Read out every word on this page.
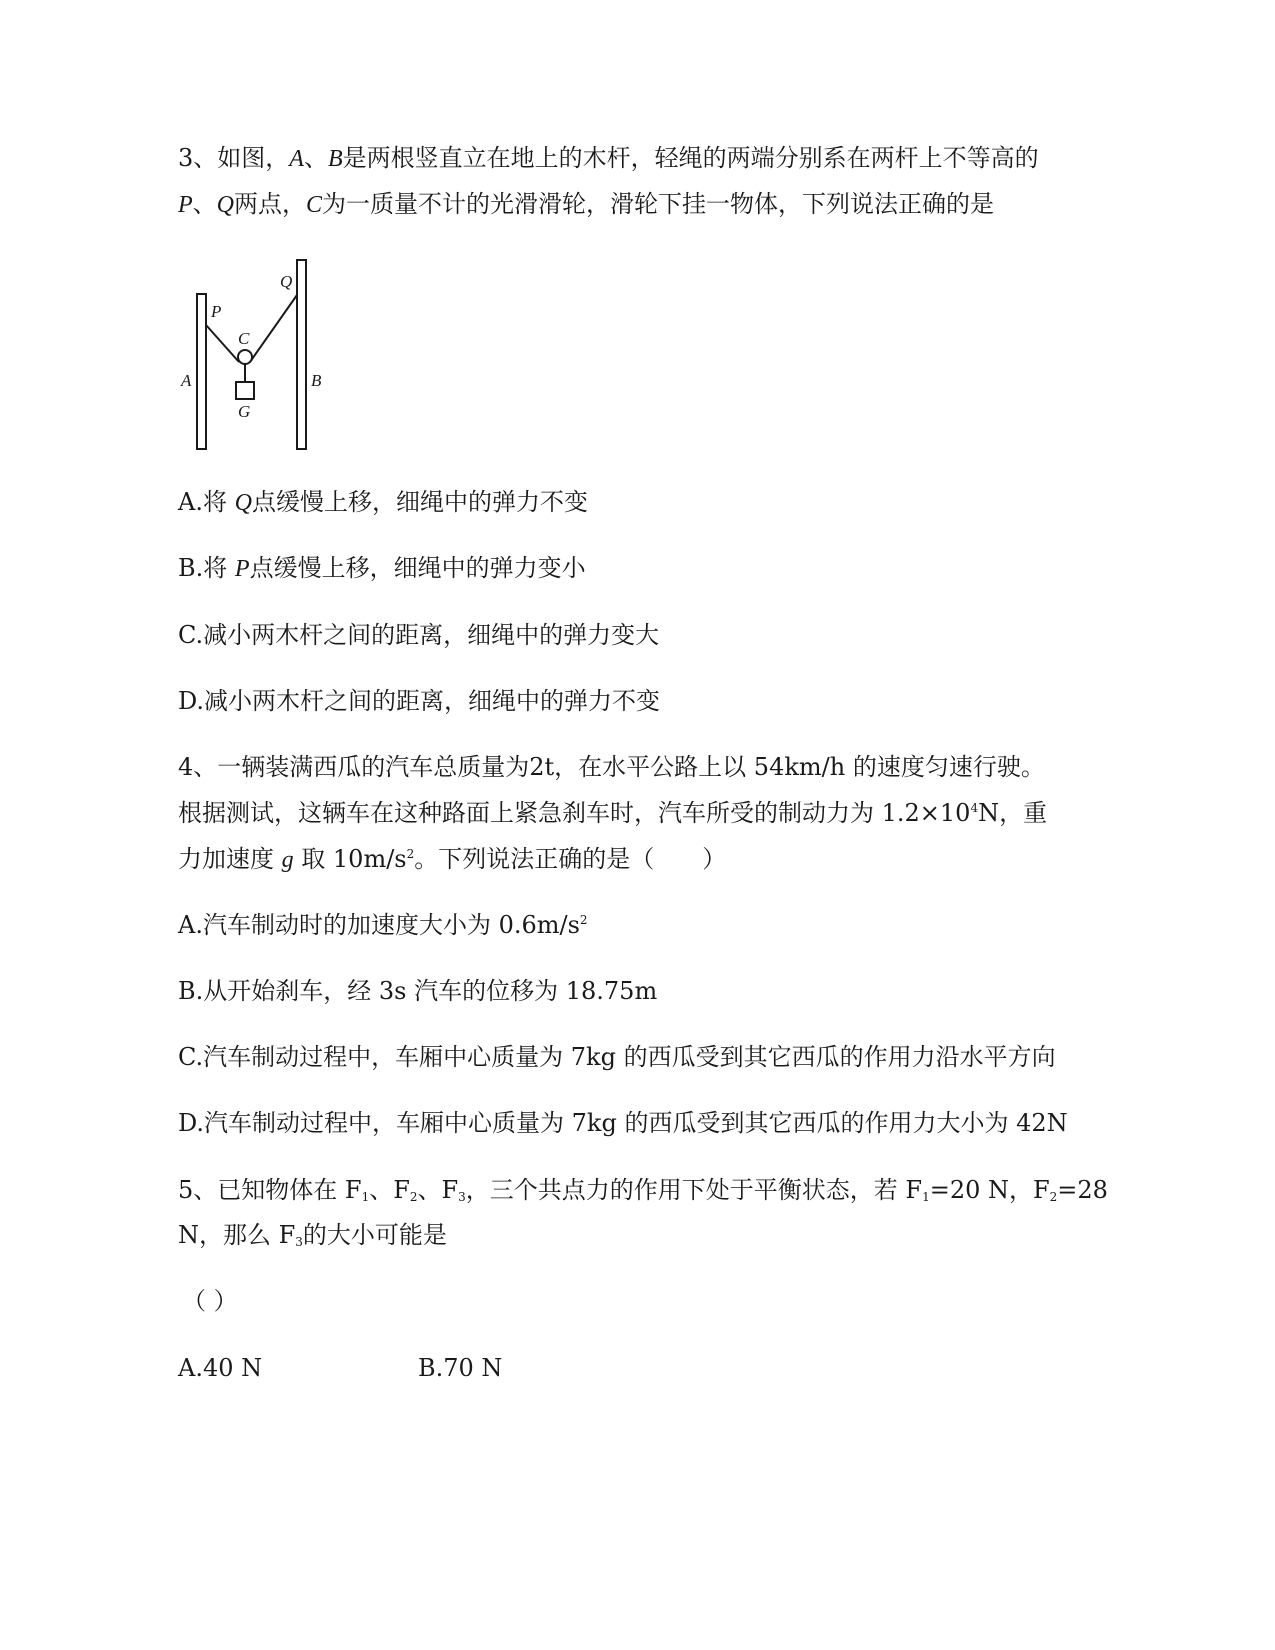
3、如图，A、B是两根竖直立在地上的木杆，轻绳的两端分别系在两杆上不等高的
P、Q两点，C为一质量不计的光滑滑轮，滑轮下挂一物体，下列说法正确的是
P
Q
C
A	B
G
A.将 Q点缓慢上移，细绳中的弹力不变
B.将 P点缓慢上移，细绳中的弹力变小
C.减小两木杆之间的距离，细绳中的弹力变大
D.减小两木杆之间的距离，细绳中的弹力不变
4、一辆装满西瓜的汽车总质量为2t，在水平公路上以 54km/h 的速度匀速行驶。
根据测试，这辆车在这种路面上紧急刹车时，汽车所受的制动力为 $1.2\times 10^4N$，重
力加速度 g 取 $10m/s^2$。下列说法正确的是（　　）
A.汽车制动时的加速度大小为 $0.6m/s^2$
B.从开始刹车，经 3s 汽车的位移为 18.75m
C.汽车制动过程中，车厢中心质量为 7kg 的西瓜受到其它西瓜的作用力沿水平方向
D.汽车制动过程中，车厢中心质量为 7kg 的西瓜受到其它西瓜的作用力大小为 42N
5、已知物体在 $F_1$、$F_2$、$F_3$，三个共点力的作用下处于平衡状态，若 $F_1=20$ N，$F_2=28$
N，那么 $F_3$的大小可能是
（ ）
A.40 N	B.70 N
